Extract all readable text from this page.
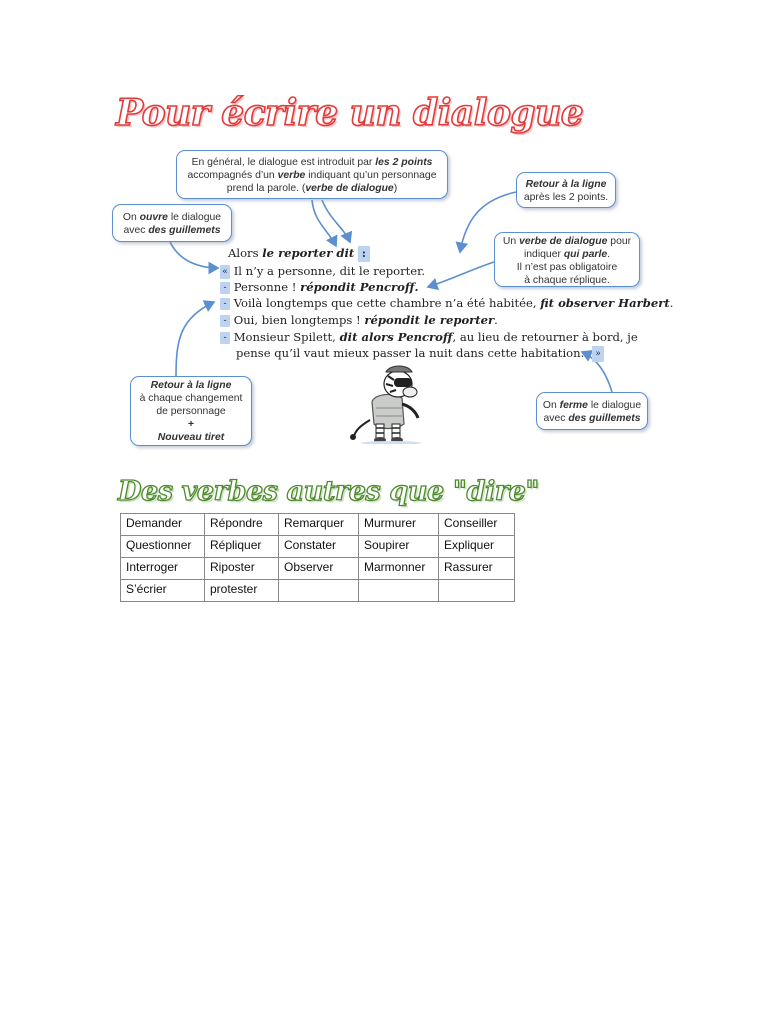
Pour écrire un dialogue
En général, le dialogue est introduit par les 2 points
accompagnés d’un verbe indiquant qu’un personnage
prend la parole. (verbe de dialogue)
On ouvre le dialogue
avec des guillemets
Retour à la ligne
après les 2 points.
Un verbe de dialogue pour
indiquer qui parle.
Il n’est pas obligatoire
à chaque réplique.
Retour à la ligne
à chaque changement
de personnage
+
Nouveau tiret
On ferme le dialogue
avec des guillemets
Alors le reporter dit :
« Il n’y a personne, dit le reporter.
- Personne ! répondit Pencroff.
- Voilà longtemps que cette chambre n’a été habitée, fit observer Harbert.
- Oui, bien longtemps ! répondit le reporter.
- Monsieur Spilett, dit alors Pencroff, au lieu de retourner à bord, je
pense qu’il vaut mieux passer la nuit dans cette habitation. »
Des verbes autres que "dire"
Demander	Répondre	Remarquer	Murmurer	Conseiller
Questionner	Répliquer	Constater	Soupirer	Expliquer
Interroger	Riposter	Observer	Marmonner	Rassurer
S’écrier	protester			
